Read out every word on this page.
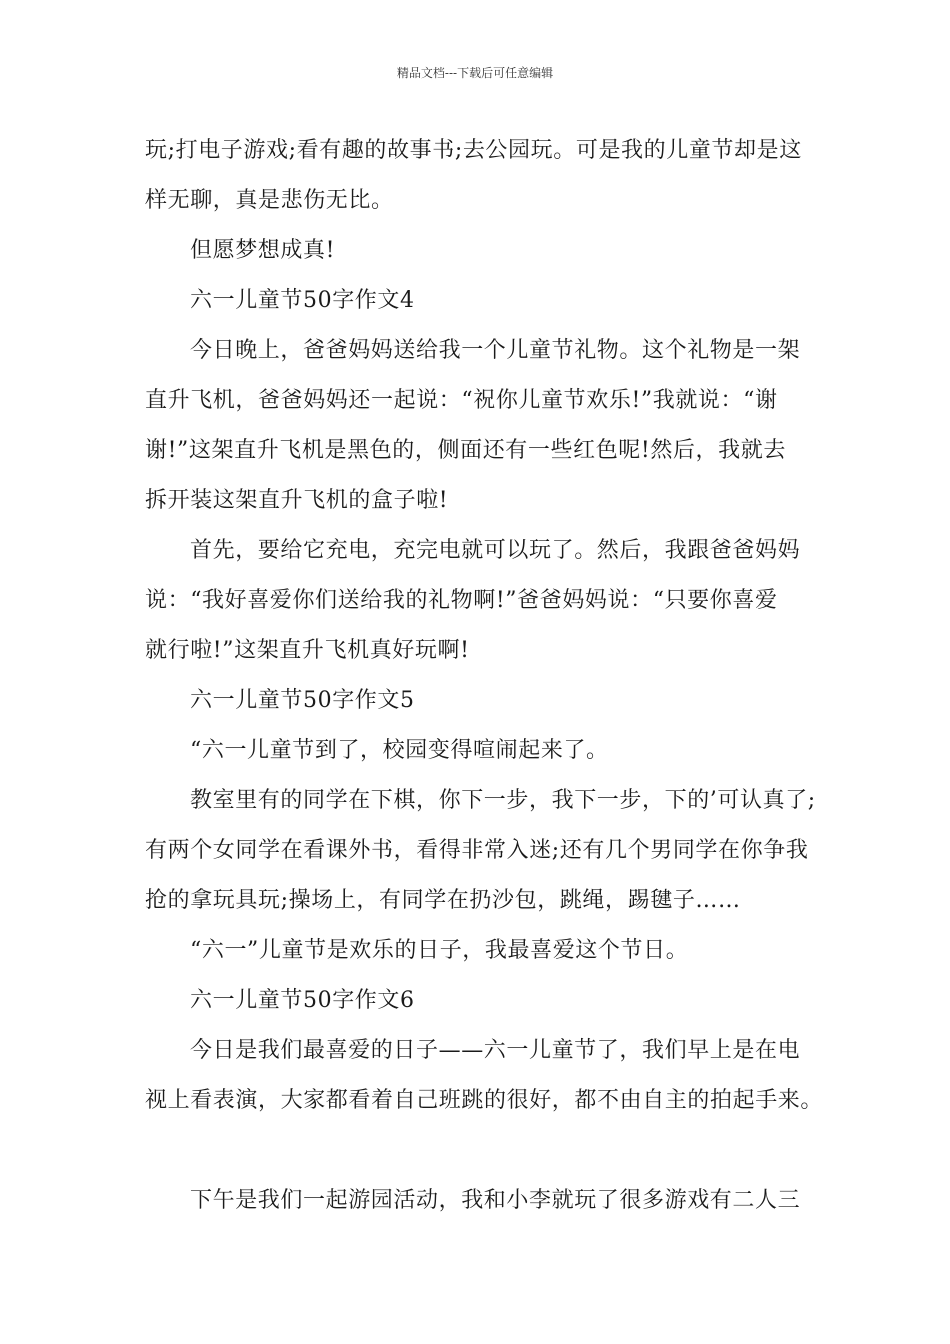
精品文档---下载后可任意编辑
玩;打电子游戏;看有趣的故事书;去公园玩。可是我的儿童节却是这
样无聊，真是悲伤无比。
但愿梦想成真!
六一儿童节50字作文4
今日晚上，爸爸妈妈送给我一个儿童节礼物。这个礼物是一架
直升飞机，爸爸妈妈还一起说：“祝你儿童节欢乐!”我就说：“谢
谢!”这架直升飞机是黑色的，侧面还有一些红色呢!然后，我就去
拆开装这架直升飞机的盒子啦!
首先，要给它充电，充完电就可以玩了。然后，我跟爸爸妈妈
说：“我好喜爱你们送给我的礼物啊!”爸爸妈妈说：“只要你喜爱
就行啦!”这架直升飞机真好玩啊!
六一儿童节50字作文5
“六一儿童节到了，校园变得喧闹起来了。
教室里有的同学在下棋，你下一步，我下一步，下的’可认真了;
有两个女同学在看课外书，看得非常入迷;还有几个男同学在你争我
抢的拿玩具玩;操场上，有同学在扔沙包，跳绳，踢毽子……
“六一”儿童节是欢乐的日子，我最喜爱这个节日。
六一儿童节50字作文6
今日是我们最喜爱的日子——六一儿童节了，我们早上是在电
视上看表演，大家都看着自己班跳的很好，都不由自主的拍起手来。
下午是我们一起游园活动，我和小李就玩了很多游戏有二人三
